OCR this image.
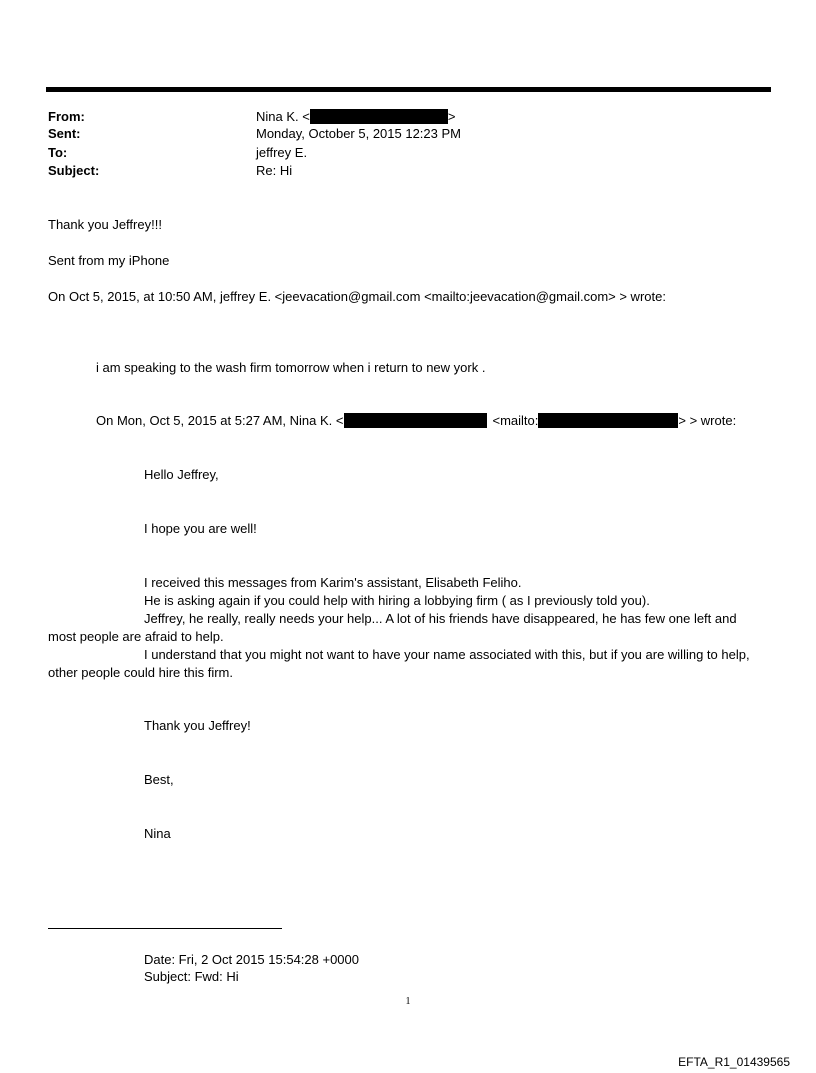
From:	Nina K. <	>
Sent:	Monday, October 5, 2015 12:23 PM
To:	jeffrey E.
Subject:	Re: Hi
Thank you Jeffrey!!!
Sent from my iPhone
On Oct 5, 2015, at 10:50 AM, jeffrey E. <jeevacation@gmail.com <mailto:jeevacation@gmail.com> > wrote:
i am speaking to the wash firm tomorrow when i return to new york .
On Mon, Oct 5, 2015 at 5:27 AM, Nina K. <	<mailto:	> > wrote:
Hello Jeffrey,
I hope you are well!
I received this messages from Karim's assistant, Elisabeth Feliho.
He is asking again if you could help with hiring a lobbying firm ( as I previously told you).
Jeffrey, he really, really needs your help... A lot of his friends have disappeared, he has few one left and most people are afraid to help.
I understand that you might not want to have your name associated with this, but if you are willing to help, other people could hire this firm.
Thank you Jeffrey!
Best,
Nina
Date: Fri, 2 Oct 2015 15:54:28 +0000
Subject: Fwd: Hi
1
EFTA_R1_01439565
